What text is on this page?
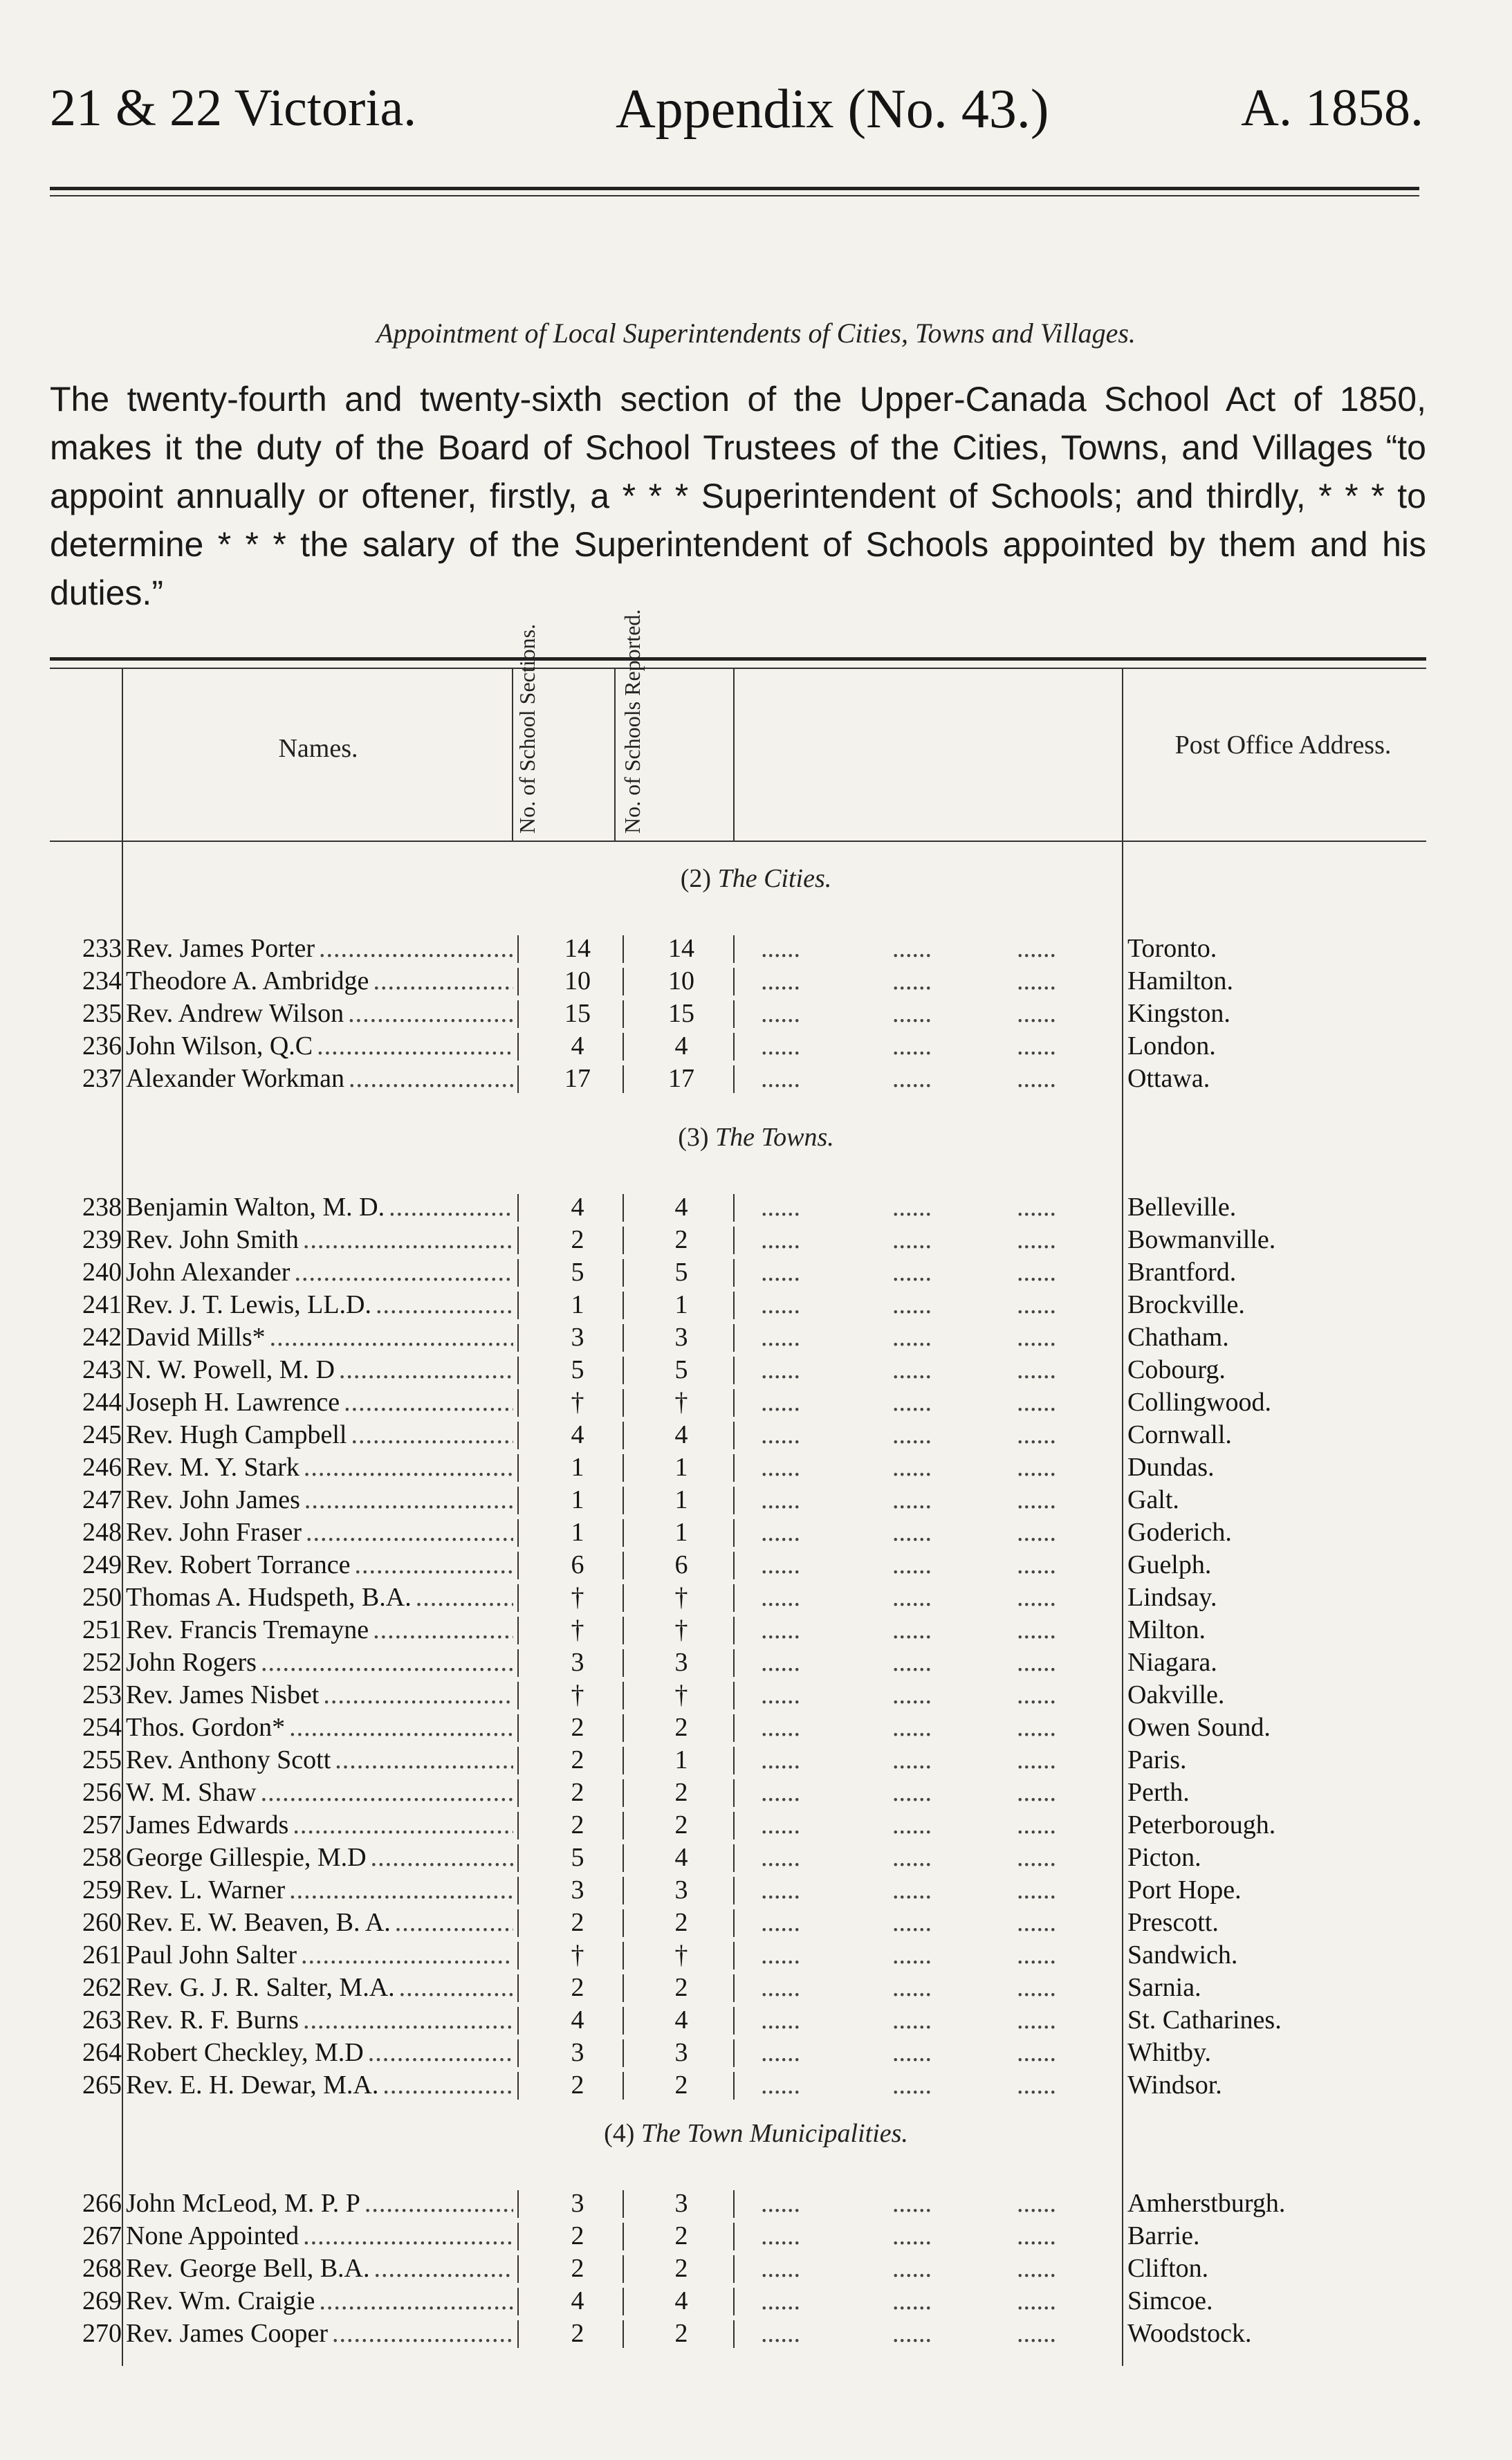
21 & 22 Victoria.	Appendix (No. 43.)	A. 1858.
Appointment of Local Superintendents of Cities, Towns and Villages.
The twenty-fourth and twenty-sixth section of the Upper-Canada School Act of 1850, makes it the duty of the Board of School Trustees of the Cities, Towns, and Villages “to appoint annually or oftener, firstly, a * * * Superintendent of Schools; and thirdly, * * * to determine * * * the salary of the Superintendent of Schools appointed by them and his duties.”
Names.	No. of School Sections.	No. of Schools Reported.	Post Office Address.
(2) The Cities.
233 Rev. James Porter .....	14	14	......	......	......	Toronto.
234 Theodore A. Ambridge .....	10	10	......	......	......	Hamilton.
235 Rev. Andrew Wilson .....	15	15	......	......	......	Kingston.
236 John Wilson, Q.C .....	4	4	......	......	......	London.
237 Alexander Workman .....	17	17	......	......	......	Ottawa.
(3) The Towns.
238 Benjamin Walton, M. D. .....	4	4	......	......	......	Belleville.
239 Rev. John Smith .....	2	2	......	......	......	Bowmanville.
240 John Alexander .....	5	5	......	......	......	Brantford.
241 Rev. J. T. Lewis, LL.D. .....	1	1	......	......	......	Brockville.
242 David Mills* .....	3	3	......	......	......	Chatham.
243 N. W. Powell, M. D .....	5	5	......	......	......	Cobourg.
244 Joseph H. Lawrence .....	†	†	......	......	......	Collingwood.
245 Rev. Hugh Campbell .....	4	4	......	......	......	Cornwall.
246 Rev. M. Y. Stark .....	1	1	......	......	......	Dundas.
247 Rev. John James .....	1	1	......	......	......	Galt.
248 Rev. John Fraser .....	1	1	......	......	......	Goderich.
249 Rev. Robert Torrance .....	6	6	......	......	......	Guelph.
250 Thomas A. Hudspeth, B.A. .....	†	†	......	......	......	Lindsay.
251 Rev. Francis Tremayne .....	†	†	......	......	......	Milton.
252 John Rogers .....	3	3	......	......	......	Niagara.
253 Rev. James Nisbet .....	†	†	......	......	......	Oakville.
254 Thos. Gordon* .....	2	2	......	......	......	Owen Sound.
255 Rev. Anthony Scott .....	2	1	......	......	......	Paris.
256 W. M. Shaw .....	2	2	......	......	......	Perth.
257 James Edwards .....	2	2	......	......	......	Peterborough.
258 George Gillespie, M.D .....	5	4	......	......	......	Picton.
259 Rev. L. Warner .....	3	3	......	......	......	Port Hope.
260 Rev. E. W. Beaven, B. A. .....	2	2	......	......	......	Prescott.
261 Paul John Salter .....	†	†	......	......	......	Sandwich.
262 Rev. G. J. R. Salter, M.A. .....	2	2	......	......	......	Sarnia.
263 Rev. R. F. Burns .....	4	4	......	......	......	St. Catharines.
264 Robert Checkley, M.D .....	3	3	......	......	......	Whitby.
265 Rev. E. H. Dewar, M.A. .....	2	2	......	......	......	Windsor.
(4) The Town Municipalities.
266 John McLeod, M. P. P .....	3	3	......	......	......	Amherstburgh.
267 None Appointed .....	2	2	......	......	......	Barrie.
268 Rev. George Bell, B.A. .....	2	2	......	......	......	Clifton.
269 Rev. Wm. Craigie .....	4	4	......	......	......	Simcoe.
270 Rev. James Cooper .....	2	2	......	......	......	Woodstock.
